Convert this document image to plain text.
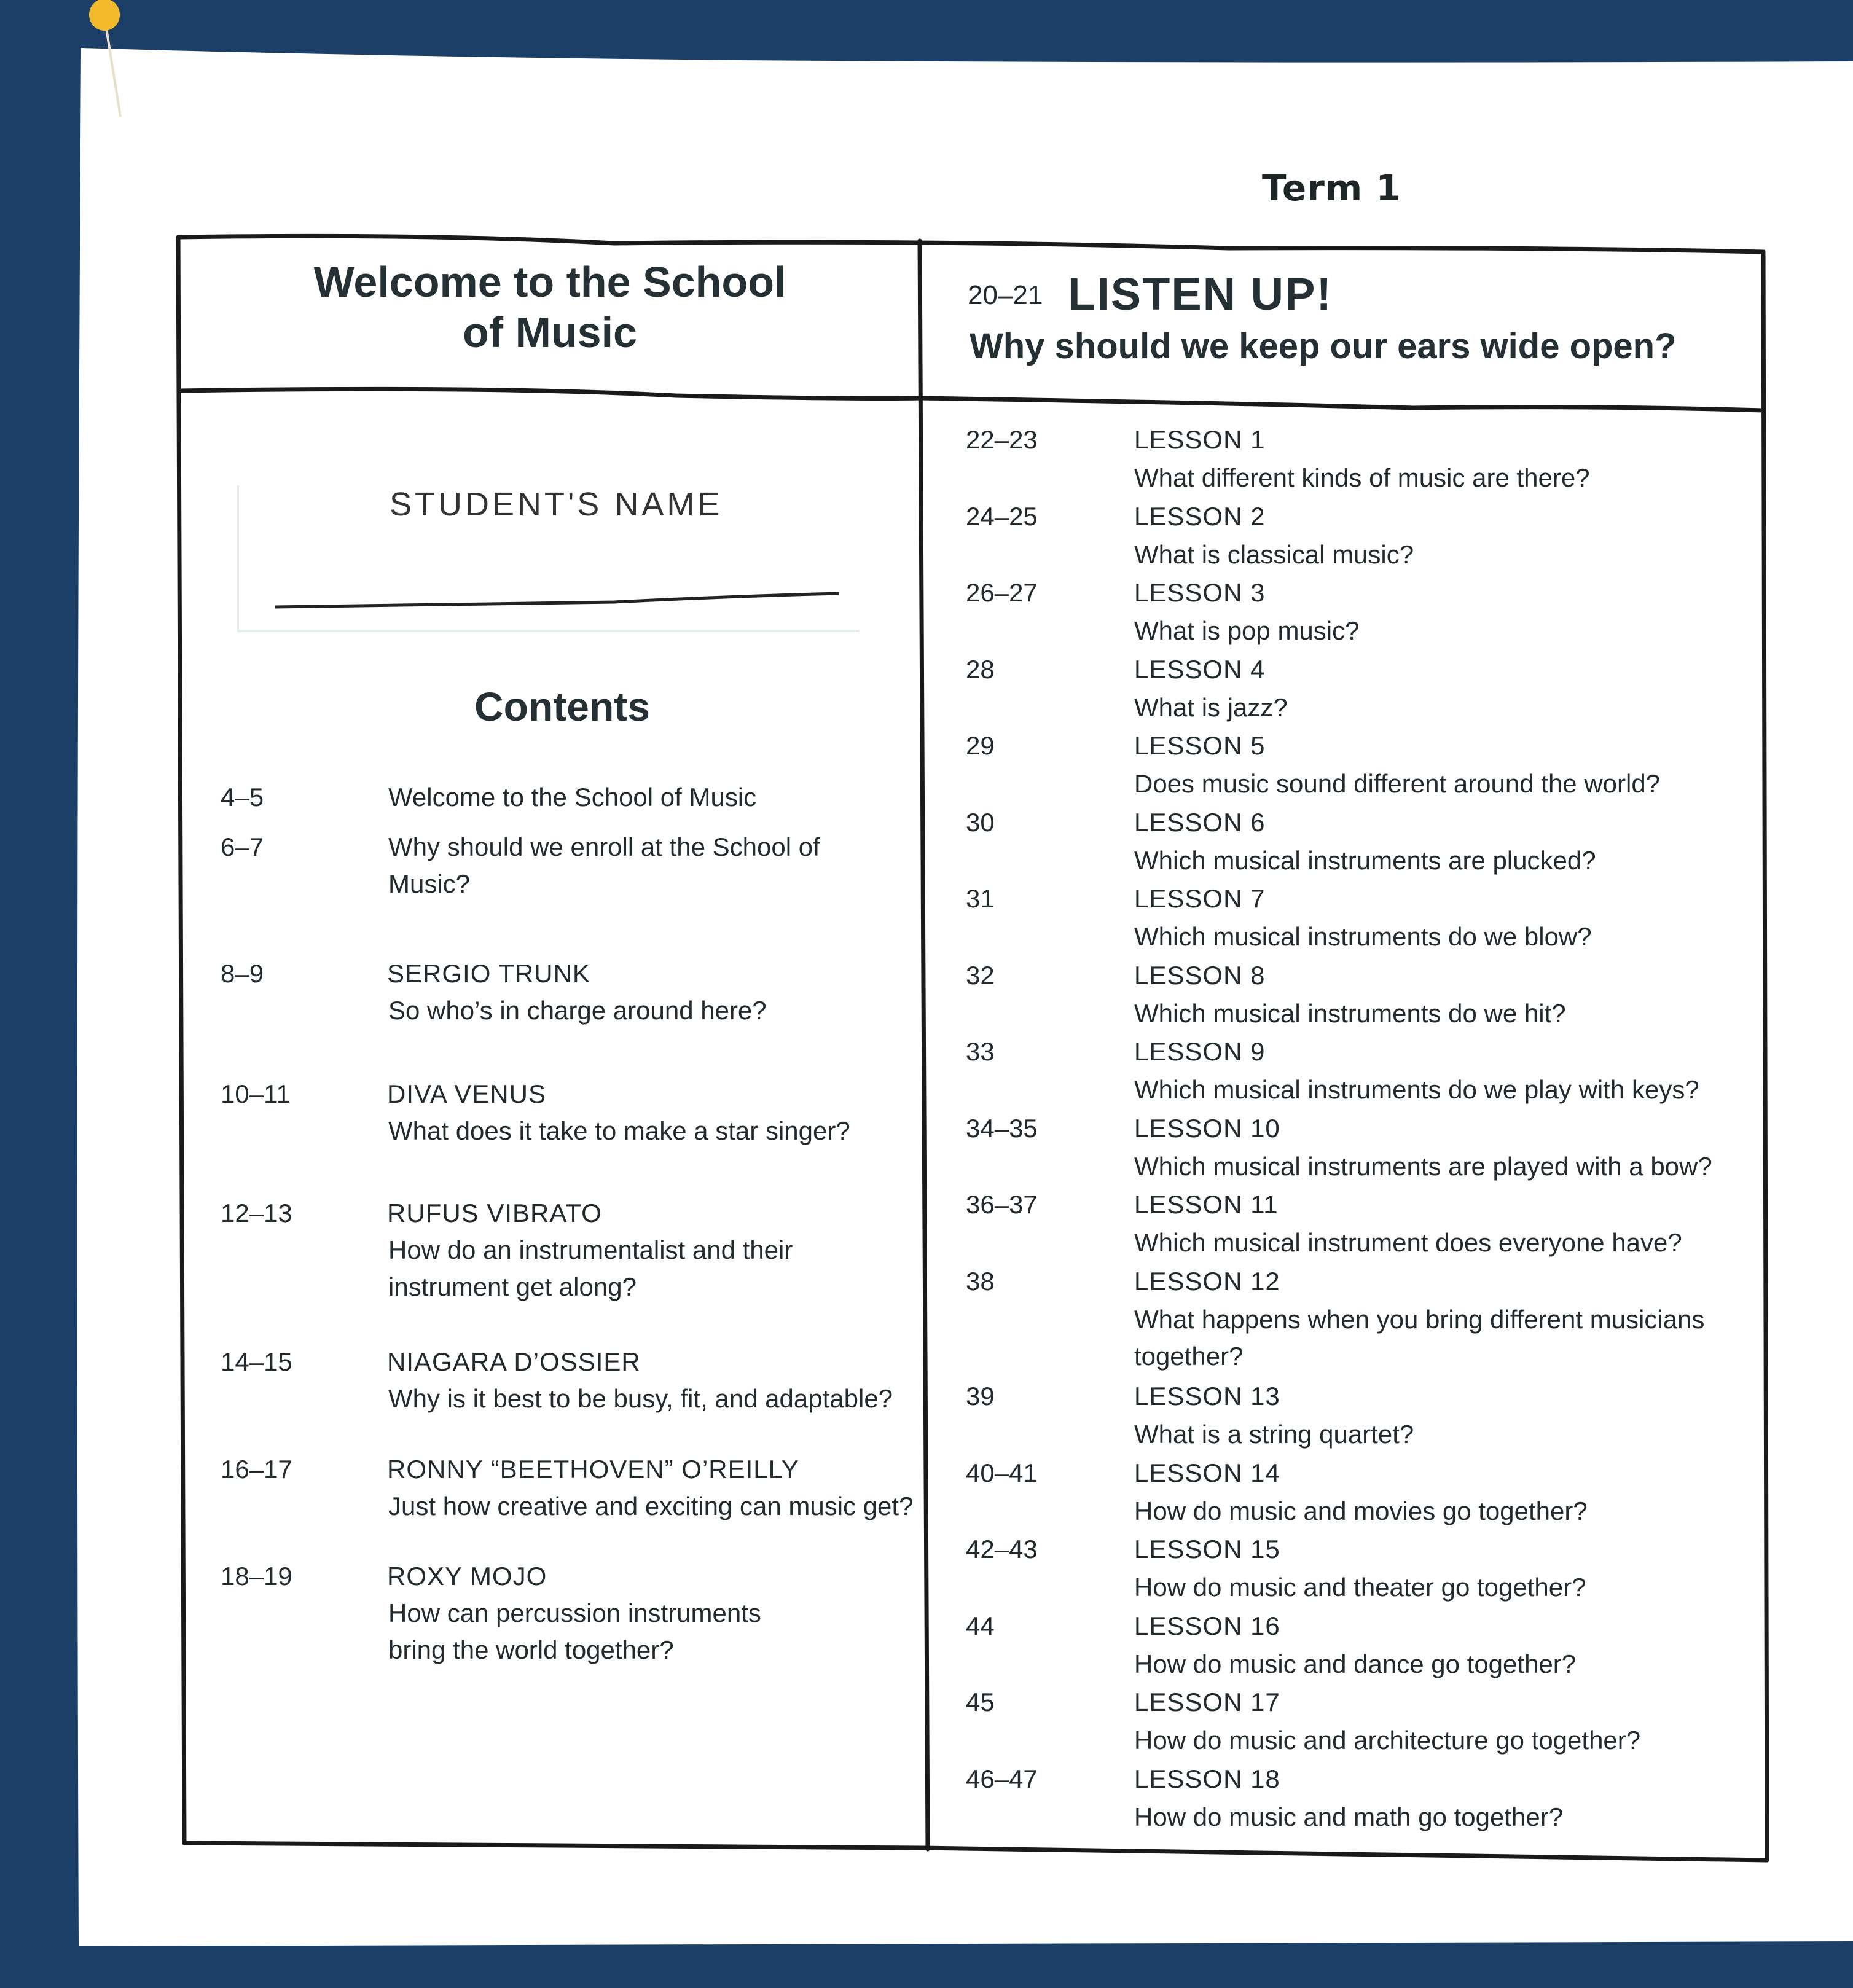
Term 1
Welcome to the School of Music
STUDENT'S NAME
Contents
4–5	Welcome to the School of Music
6–7	Why should we enroll at the School of
Music?
8–9	SERGIO TRUNK
So who’s in charge around here?
10–11	DIVA VENUS
What does it take to make a star singer?
12–13	RUFUS VIBRATO
How do an instrumentalist and their
instrument get along?
14–15	NIAGARA D’OSSIER
Why is it best to be busy, fit, and adaptable?
16–17	RONNY “BEETHOVEN” O’REILLY
Just how creative and exciting can music get?
18–19	ROXY MOJO
How can percussion instruments
bring the world together?
20–21 LISTEN UP!
Why should we keep our ears wide open?
22–23	LESSON 1
What different kinds of music are there?
24–25	LESSON 2
What is classical music?
26–27	LESSON 3
What is pop music?
28	LESSON 4
What is jazz?
29	LESSON 5
Does music sound different around the world?
30	LESSON 6
Which musical instruments are plucked?
31	LESSON 7
Which musical instruments do we blow?
32	LESSON 8
Which musical instruments do we hit?
33	LESSON 9
Which musical instruments do we play with keys?
34–35	LESSON 10
Which musical instruments are played with a bow?
36–37	LESSON 11
Which musical instrument does everyone have?
38	LESSON 12
What happens when you bring different musicians
together?
39	LESSON 13
What is a string quartet?
40–41	LESSON 14
How do music and movies go together?
42–43	LESSON 15
How do music and theater go together?
44	LESSON 16
How do music and dance go together?
45	LESSON 17
How do music and architecture go together?
46–47	LESSON 18
How do music and math go together?
